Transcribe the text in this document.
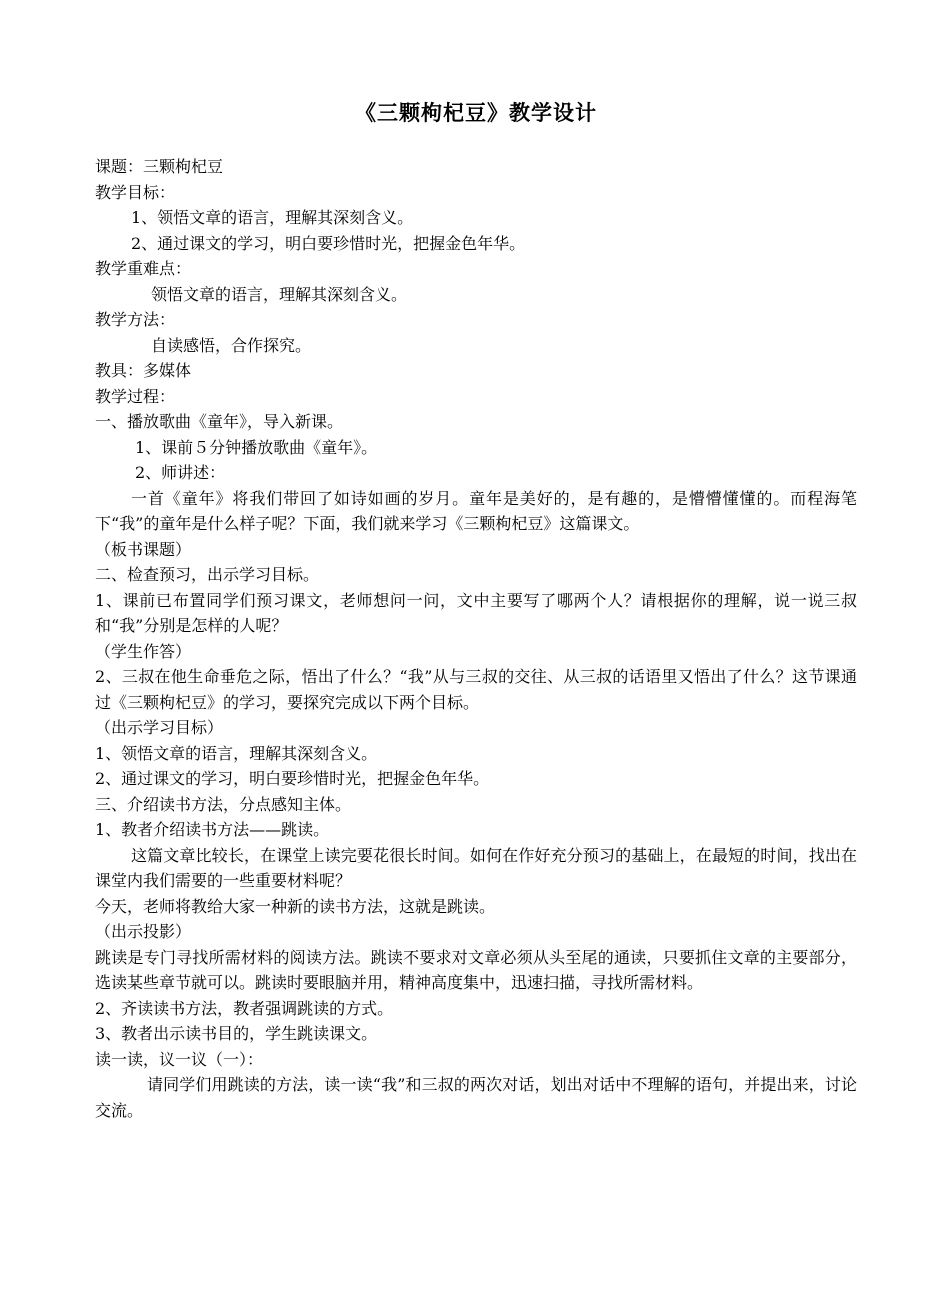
《三颗枸杞豆》教学设计

课题：三颗枸杞豆

教学目标：

1、领悟文章的语言，理解其深刻含义。

2、通过课文的学习，明白要珍惜时光，把握金色年华。

教学重难点：

领悟文章的语言，理解其深刻含义。

教学方法：

自读感悟，合作探究。

教具：多媒体

教学过程：

一、播放歌曲《童年》，导入新课。

1、课前５分钟播放歌曲《童年》。

2、师讲述：

一首《童年》将我们带回了如诗如画的岁月。童年是美好的，是有趣的，是懵懵懂懂的。而程海笔下“我”的童年是什么样子呢？下面，我们就来学习《三颗枸杞豆》这篇课文。

（板书课题）

二、检查预习，出示学习目标。

1、课前已布置同学们预习课文，老师想问一问，文中主要写了哪两个人？请根据你的理解，说一说三叔和“我”分别是怎样的人呢？

（学生作答）

2、三叔在他生命垂危之际，悟出了什么？“我”从与三叔的交往、从三叔的话语里又悟出了什么？这节课通过《三颗枸杞豆》的学习，要探究完成以下两个目标。

（出示学习目标）

1、领悟文章的语言，理解其深刻含义。

2、通过课文的学习，明白要珍惜时光，把握金色年华。

三、介绍读书方法，分点感知主体。

1、教者介绍读书方法——跳读。

这篇文章比较长，在课堂上读完要花很长时间。如何在作好充分预习的基础上，在最短的时间，找出在课堂内我们需要的一些重要材料呢？

今天，老师将教给大家一种新的读书方法，这就是跳读。

（出示投影）

跳读是专门寻找所需材料的阅读方法。跳读不要求对文章必须从头至尾的通读，只要抓住文章的主要部分，选读某些章节就可以。跳读时要眼脑并用，精神高度集中，迅速扫描，寻找所需材料。

2、齐读读书方法，教者强调跳读的方式。

3、教者出示读书目的，学生跳读课文。

读一读，议一议（一）：

请同学们用跳读的方法，读一读“我”和三叔的两次对话，划出对话中不理解的语句，并提出来，讨论交流。
